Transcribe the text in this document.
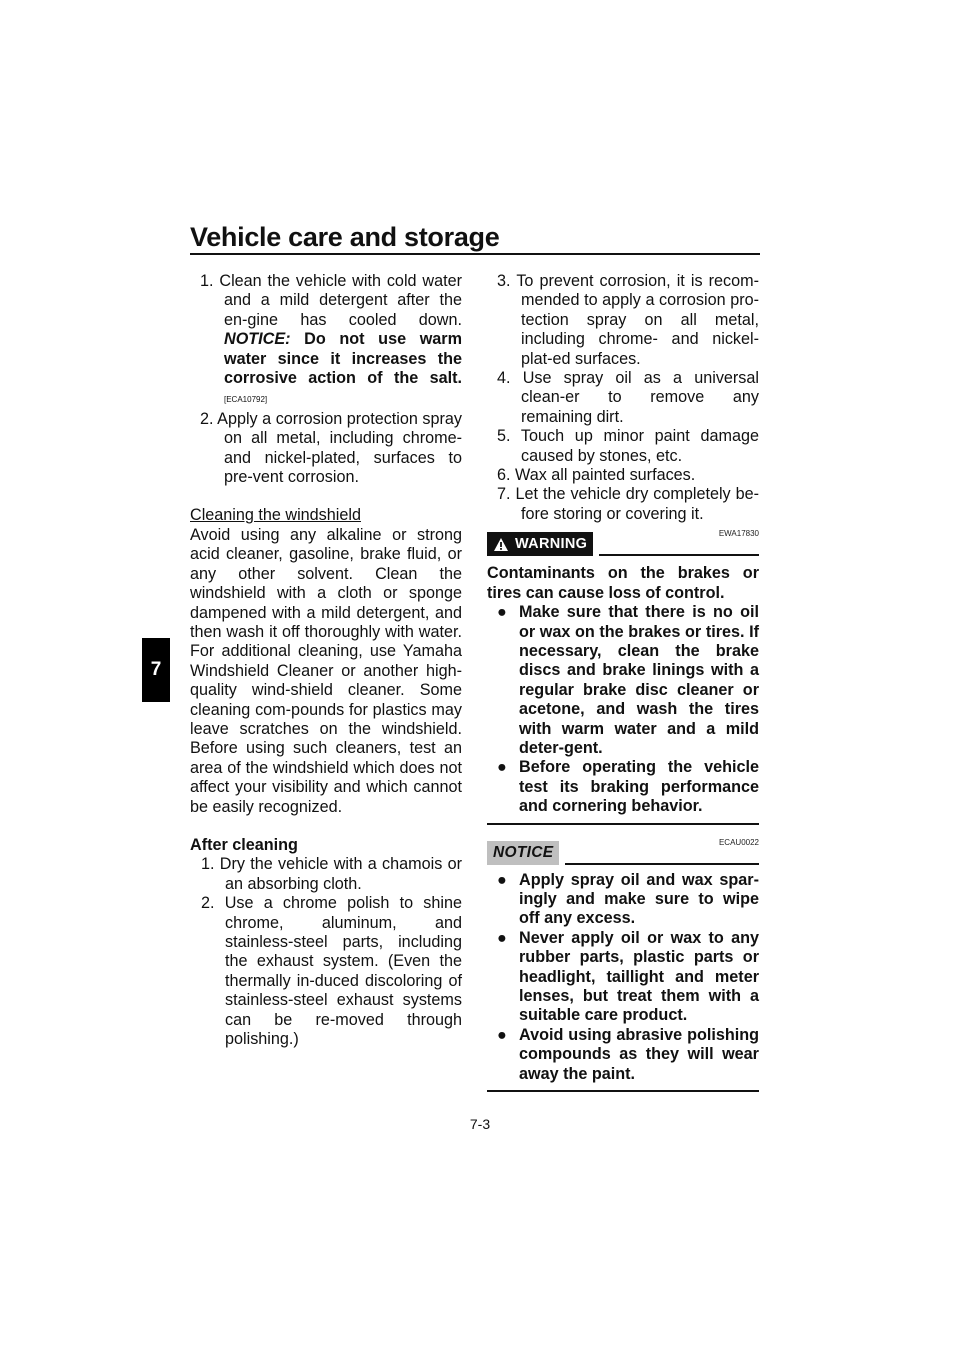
Vehicle care and storage
7
1. Clean the vehicle with cold water and a mild detergent after the en-gine has cooled down. NOTICE: Do not use warm water since it increases the corrosive action of the salt.[ECA10792]
2. Apply a corrosion protection spray on all metal, including chrome- and nickel-plated, surfaces to pre-vent corrosion.
Cleaning the windshield
Avoid using any alkaline or strong acid cleaner, gasoline, brake fluid, or any other solvent. Clean the windshield with a cloth or sponge dampened with a mild detergent, and then wash it off thoroughly with water. For additional cleaning, use Yamaha Windshield Cleaner or another high-quality wind-shield cleaner. Some cleaning com-pounds for plastics may leave scratches on the windshield. Before using such cleaners, test an area of the windshield which does not affect your visibility and which cannot be easily recognized.
After cleaning
1. Dry the vehicle with a chamois or an absorbing cloth.
2. Use a chrome polish to shine chrome, aluminum, and stainless-steel parts, including the exhaust system. (Even the thermally in-duced discoloring of stainless-steel exhaust systems can be re-moved through polishing.)
3. To prevent corrosion, it is recom-mended to apply a corrosion pro-tection spray on all metal, including chrome- and nickel-plat-ed surfaces.
4. Use spray oil as a universal clean-er to remove any remaining dirt.
5. Touch up minor paint damage caused by stones, etc.
6. Wax all painted surfaces.
7. Let the vehicle dry completely be-fore storing or covering it.
WARNING
EWA17830
Contaminants on the brakes or tires can cause loss of control.
● Make sure that there is no oil or wax on the brakes or tires. If necessary, clean the brake discs and brake linings with a regular brake disc cleaner or acetone, and wash the tires with warm water and a mild deter-gent.
● Before operating the vehicle test its braking performance and cornering behavior.
NOTICE
ECAU0022
● Apply spray oil and wax spar-ingly and make sure to wipe off any excess.
● Never apply oil or wax to any rubber parts, plastic parts or headlight, taillight and meter lenses, but treat them with a suitable care product.
● Avoid using abrasive polishing compounds as they will wear away the paint.
7-3
